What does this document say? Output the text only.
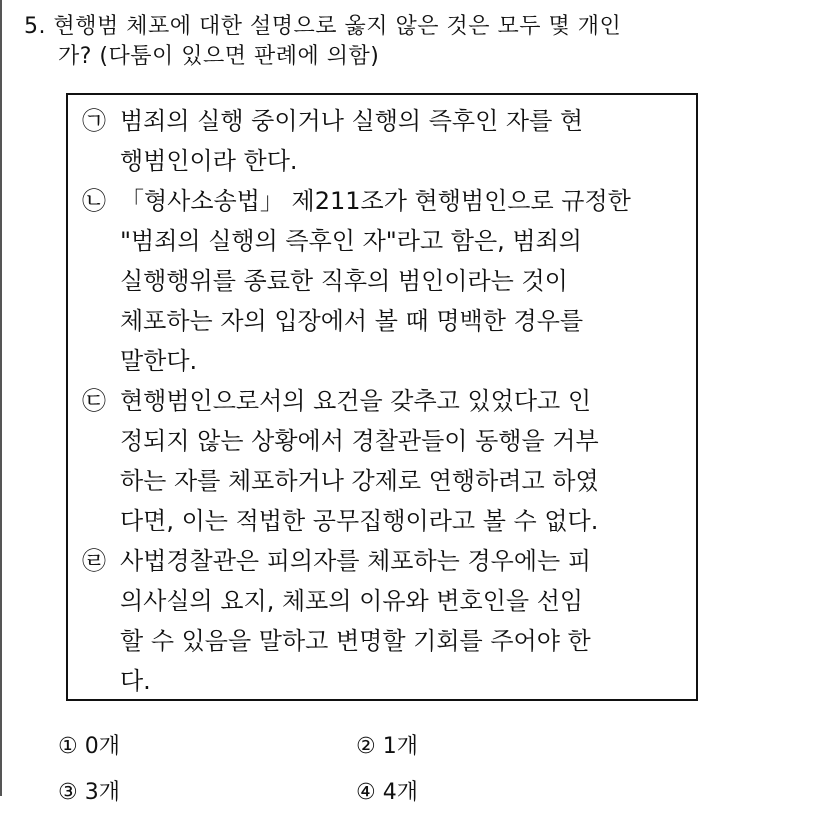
5. 현행범 체포에 대한 설명으로 옳지 않은 것은 모두 몇 개인
가? (다툼이 있으면 판례에 의함)
㉠ 범죄의 실행 중이거나 실행의 즉후인 자를 현
행범인이라 한다.
㉡ 「형사소송법」 제211조가 현행범인으로 규정한
"범죄의 실행의 즉후인 자"라고 함은, 범죄의
실행행위를 종료한 직후의 범인이라는 것이
체포하는 자의 입장에서 볼 때 명백한 경우를
말한다.
㉢ 현행범인으로서의 요건을 갖추고 있었다고 인
정되지 않는 상황에서 경찰관들이 동행을 거부
하는 자를 체포하거나 강제로 연행하려고 하였
다면, 이는 적법한 공무집행이라고 볼 수 없다.
㉣ 사법경찰관은 피의자를 체포하는 경우에는 피
의사실의 요지, 체포의 이유와 변호인을 선임
할 수 있음을 말하고 변명할 기회를 주어야 한
다.
① 0개	② 1개
③ 3개	④ 4개
